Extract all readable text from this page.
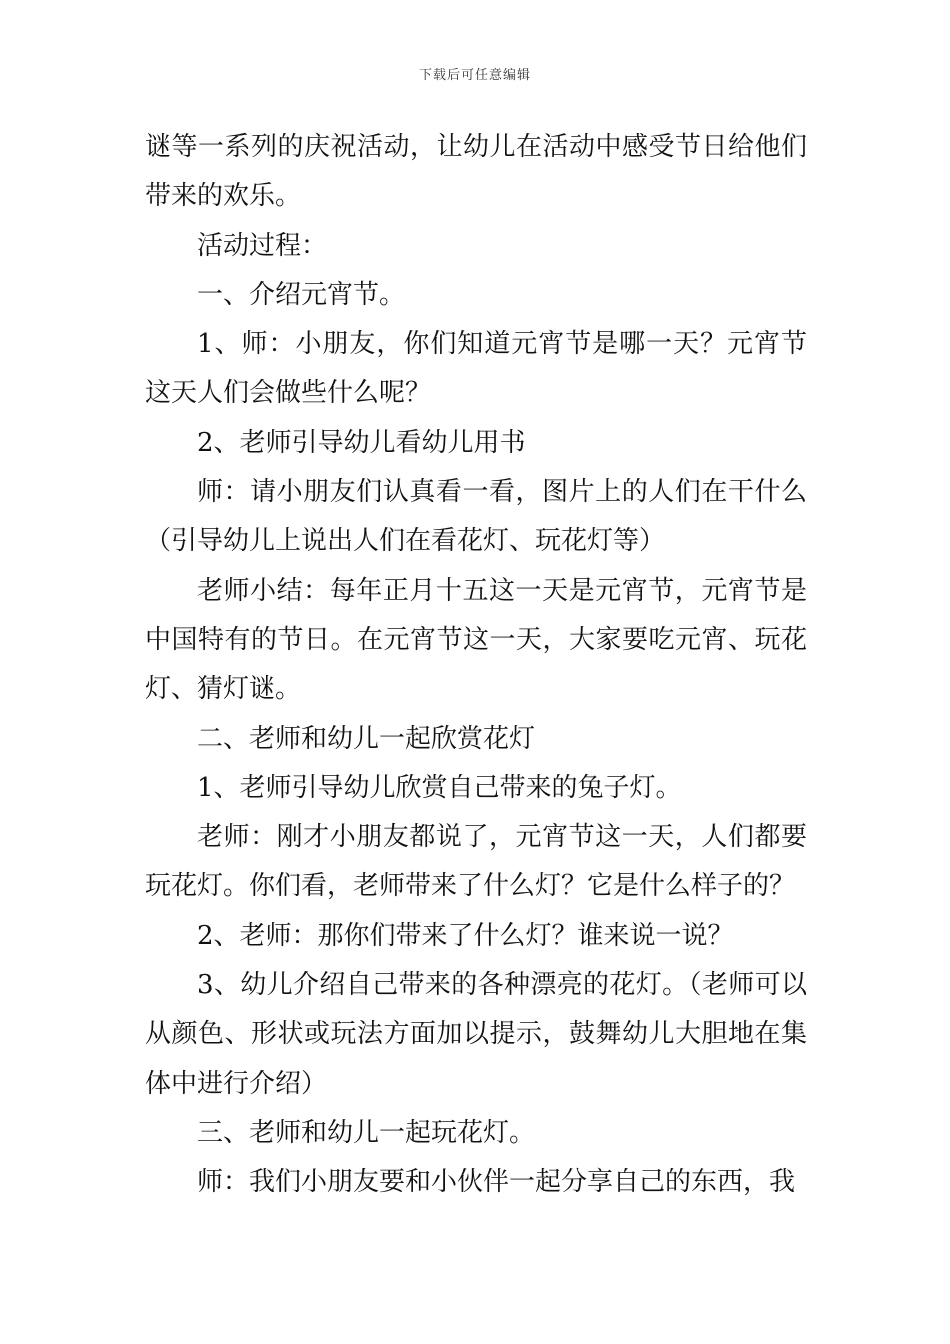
下载后可任意编辑

谜等一系列的庆祝活动，让幼儿在活动中感受节日给他们带来的欢乐。

活动过程：

一、介绍元宵节。

1、师：小朋友，你们知道元宵节是哪一天？元宵节这天人们会做些什么呢？

2、老师引导幼儿看幼儿用书

师：请小朋友们认真看一看，图片上的人们在干什么（引导幼儿上说出人们在看花灯、玩花灯等）

老师小结：每年正月十五这一天是元宵节，元宵节是中国特有的节日。在元宵节这一天，大家要吃元宵、玩花灯、猜灯谜。

二、老师和幼儿一起欣赏花灯

1、老师引导幼儿欣赏自己带来的兔子灯。

老师：刚才小朋友都说了，元宵节这一天，人们都要玩花灯。你们看，老师带来了什么灯？它是什么样子的？

2、老师：那你们带来了什么灯？谁来说一说？

3、幼儿介绍自己带来的各种漂亮的花灯。（老师可以从颜色、形状或玩法方面加以提示，鼓舞幼儿大胆地在集体中进行介绍）

三、老师和幼儿一起玩花灯。

师：我们小朋友要和小伙伴一起分享自己的东西，我
